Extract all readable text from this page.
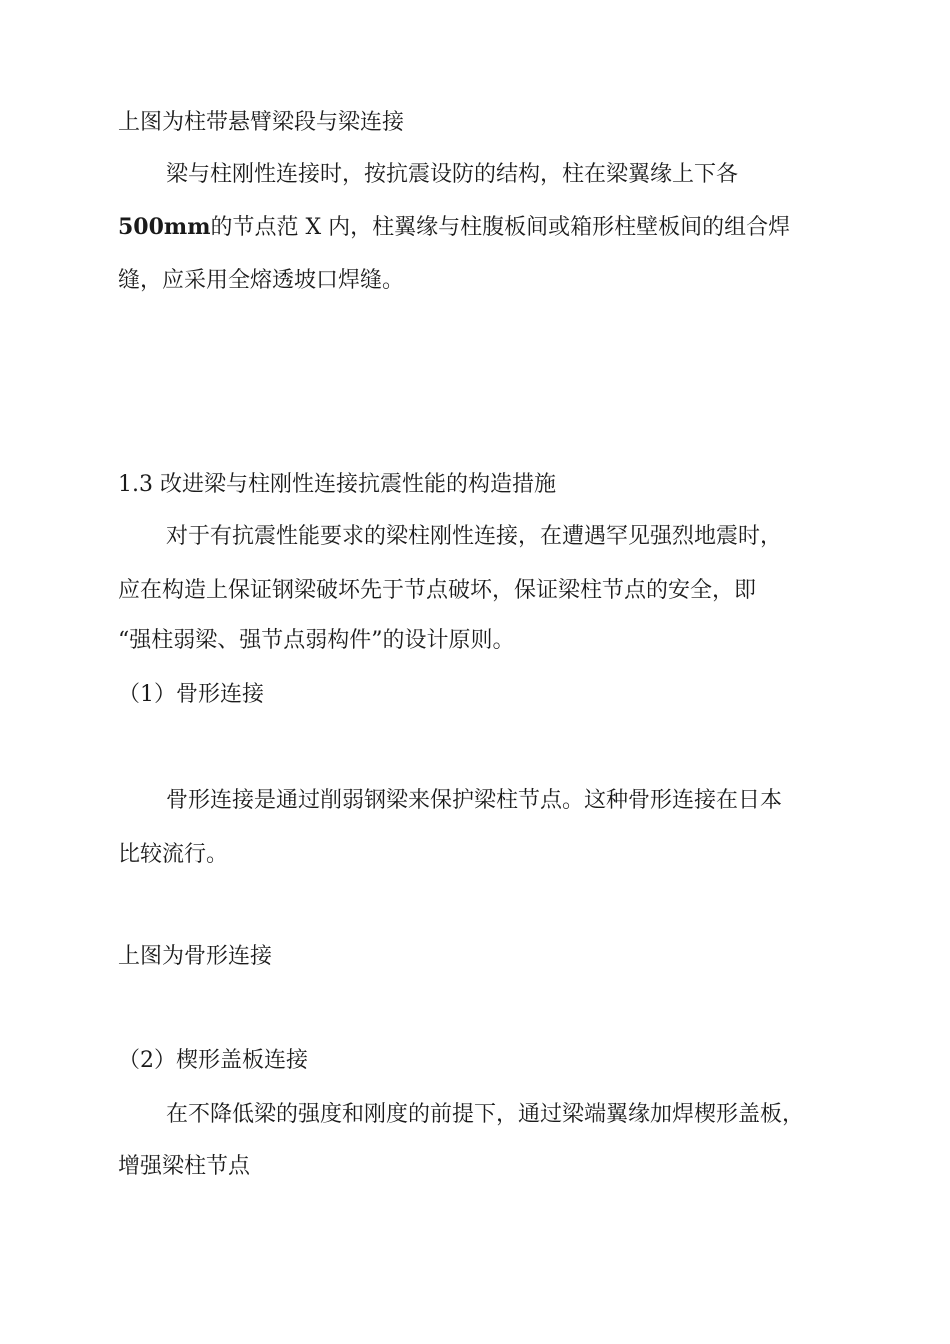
上图为柱带悬臂梁段与梁连接
梁与柱刚性连接时，按抗震设防的结构，柱在梁翼缘上下各
500mm的节点范 X 内，柱翼缘与柱腹板间或箱形柱壁板间的组合焊
缝，应采用全熔透坡口焊缝。
1.3 改进梁与柱刚性连接抗震性能的构造措施
对于有抗震性能要求的梁柱刚性连接，在遭遇罕见强烈地震时，
应在构造上保证钢梁破坏先于节点破坏，保证梁柱节点的安全，即
“强柱弱梁、强节点弱构件”的设计原则。
（1）骨形连接
骨形连接是通过削弱钢梁来保护梁柱节点。这种骨形连接在日本
比较流行。
上图为骨形连接
（2）楔形盖板连接
在不降低梁的强度和刚度的前提下，通过梁端翼缘加焊楔形盖板，
增强梁柱节点
